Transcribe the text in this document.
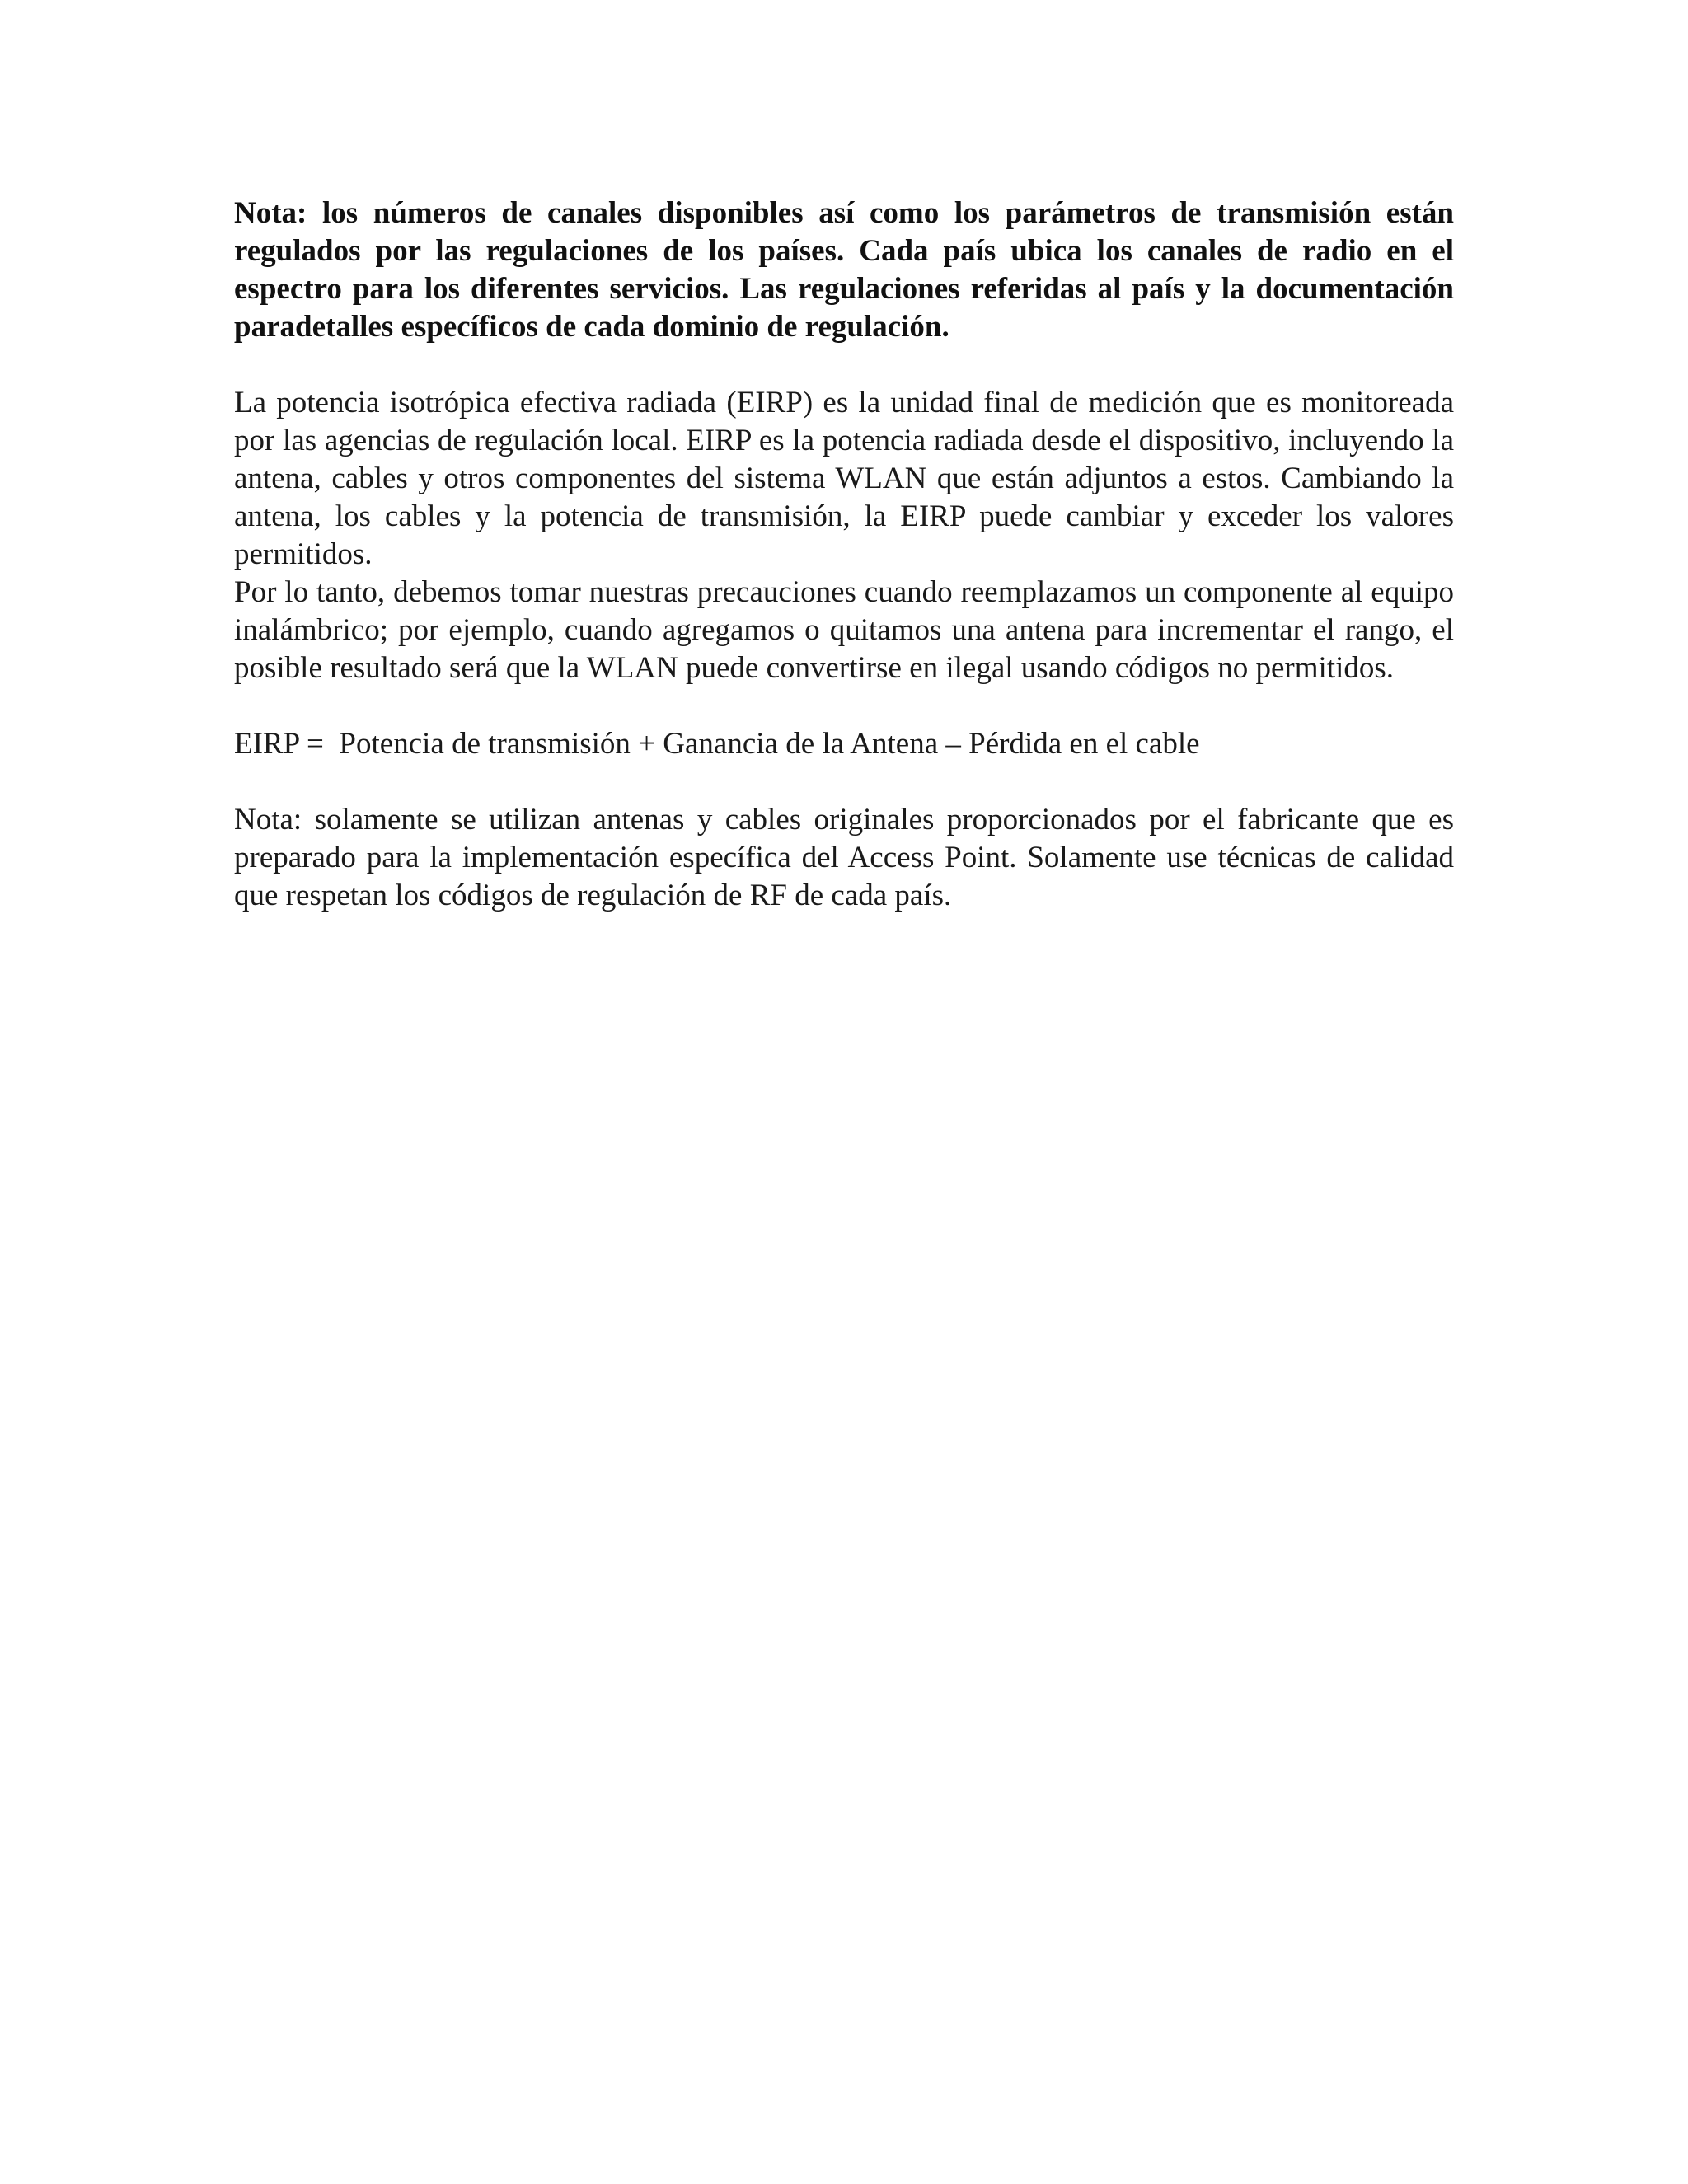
Nota: los números de canales disponibles así como los parámetros de transmisión están regulados por las regulaciones de los países. Cada país ubica los canales de radio en el espectro para los diferentes servicios. Las regulaciones referidas al país y la documentación paradetalles específicos de cada dominio de regulación.

La potencia isotrópica efectiva radiada (EIRP) es la unidad final de medición que es monitoreada por las agencias de regulación local. EIRP es la potencia radiada desde el dispositivo, incluyendo la antena, cables y otros componentes del sistema WLAN que están adjuntos a estos. Cambiando la antena, los cables y la potencia de transmisión, la EIRP puede cambiar y exceder los valores permitidos.

Por lo tanto, debemos tomar nuestras precauciones cuando reemplazamos un componente al equipo inalámbrico; por ejemplo, cuando agregamos o quitamos una antena para incrementar el rango, el posible resultado será que la WLAN puede convertirse en ilegal usando códigos no permitidos.

EIRP =  Potencia de transmisión + Ganancia de la Antena – Pérdida en el cable

Nota: solamente se utilizan antenas y cables originales proporcionados por el fabricante que es preparado para la implementación específica del Access Point. Solamente use técnicas de calidad que respetan los códigos de regulación de RF de cada país.
